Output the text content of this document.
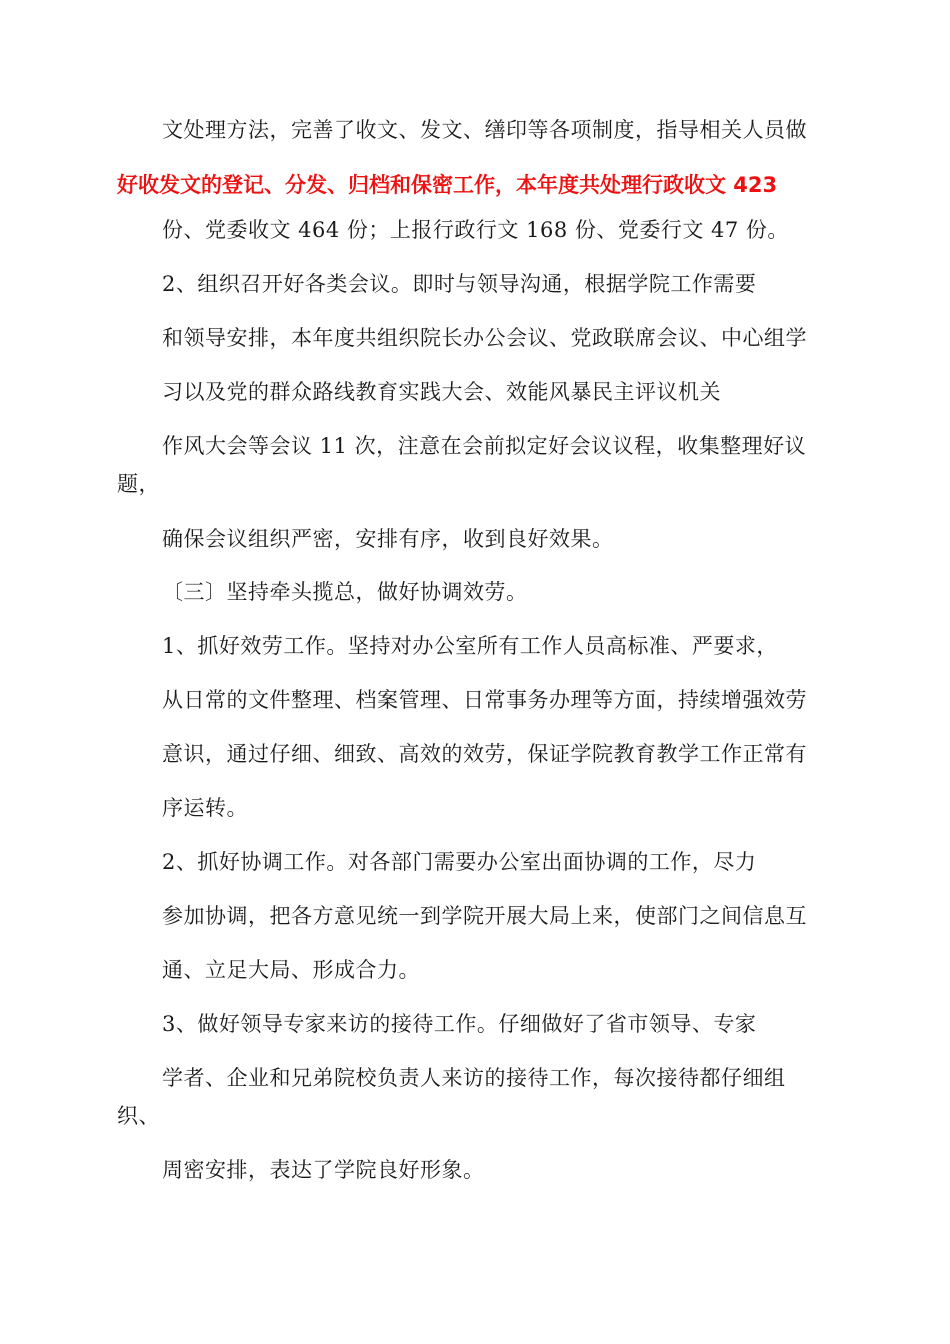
文处理方法，完善了收文、发文、缮印等各项制度，指导相关人员做
好收发文的登记、分发、归档和保密工作，本年度共处理行政收文 423
份、党委收文 464 份；上报行政行文 168 份、党委行文 47 份。
2、组织召开好各类会议。即时与领导沟通，根据学院工作需要
和领导安排，本年度共组织院长办公会议、党政联席会议、中心组学
习以及党的群众路线教育实践大会、效能风暴民主评议机关
作风大会等会议 11 次，注意在会前拟定好会议议程，收集整理好议
题，
确保会议组织严密，安排有序，收到良好效果。
〔三〕坚持牵头揽总，做好协调效劳。
1、抓好效劳工作。坚持对办公室所有工作人员高标准、严要求，
从日常的文件整理、档案管理、日常事务办理等方面，持续增强效劳
意识，通过仔细、细致、高效的效劳，保证学院教育教学工作正常有
序运转。
2、抓好协调工作。对各部门需要办公室出面协调的工作，尽力
参加协调，把各方意见统一到学院开展大局上来，使部门之间信息互
通、立足大局、形成合力。
3、做好领导专家来访的接待工作。仔细做好了省市领导、专家
学者、企业和兄弟院校负责人来访的接待工作，每次接待都仔细组
织、
周密安排，表达了学院良好形象。
